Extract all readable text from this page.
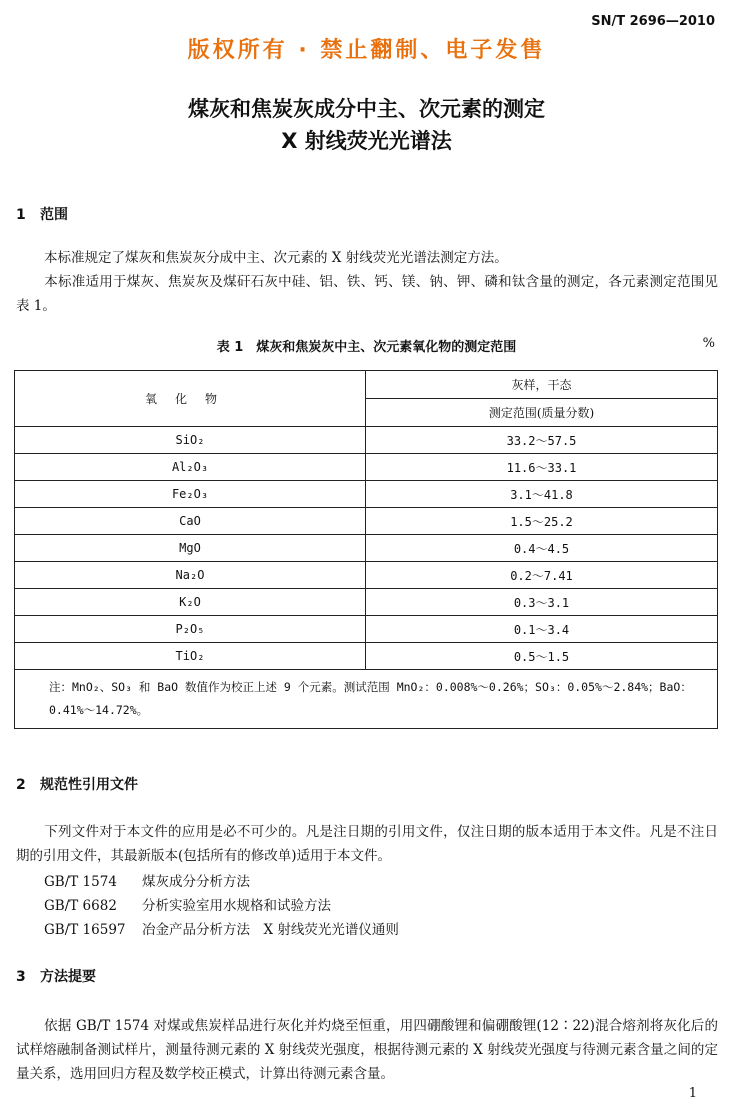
SN/T 2696—2010
版权所有 · 禁止翻制、电子发售
煤灰和焦炭灰成分中主、次元素的测定
X 射线荧光光谱法
1 范围

本标准规定了煤灰和焦炭灰分成中主、次元素的 X 射线荧光光谱法测定方法。

本标准适用于煤灰、焦炭灰及煤矸石灰中硅、铝、铁、钙、镁、钠、钾、磷和钛含量的测定，各元素测定范围见表 1。

表 1　煤灰和焦炭灰中主、次元素氧化物的测定范围	%
氧化物	灰样，干态
	测定范围(质量分数)
SiO₂	33.2～57.5
Al₂O₃	11.6～33.1
Fe₂O₃	3.1～41.8
CaO	1.5～25.2
MgO	0.4～4.5
Na₂O	0.2～7.41
K₂O	0.3～3.1
P₂O₅	0.1～3.4
TiO₂	0.5～1.5
注：MnO₂、SO₃ 和 BaO 数值作为校正上述 9 个元素。测试范围 MnO₂：0.008%～0.26%；SO₃：0.05%～2.84%；BaO：0.41%～14.72%。	
2 规范性引用文件

下列文件对于本文件的应用是必不可少的。凡是注日期的引用文件，仅注日期的版本适用于本文件。凡是不注日期的引用文件，其最新版本(包括所有的修改单)适用于本文件。

GB/T 1574 煤灰成分分析方法
GB/T 6682 分析实验室用水规格和试验方法
GB/T 16597 冶金产品分析方法　X 射线荧光光谱仪通则
3 方法提要

依据 GB/T 1574 对煤或焦炭样品进行灰化并灼烧至恒重，用四硼酸锂和偏硼酸锂(12∶22)混合熔剂将灰化后的试样熔融制备测试样片，测量待测元素的 X 射线荧光强度，根据待测元素的 X 射线荧光强度与待测元素含量之间的定量关系，选用回归方程及数学校正模式，计算出待测元素含量。

1
